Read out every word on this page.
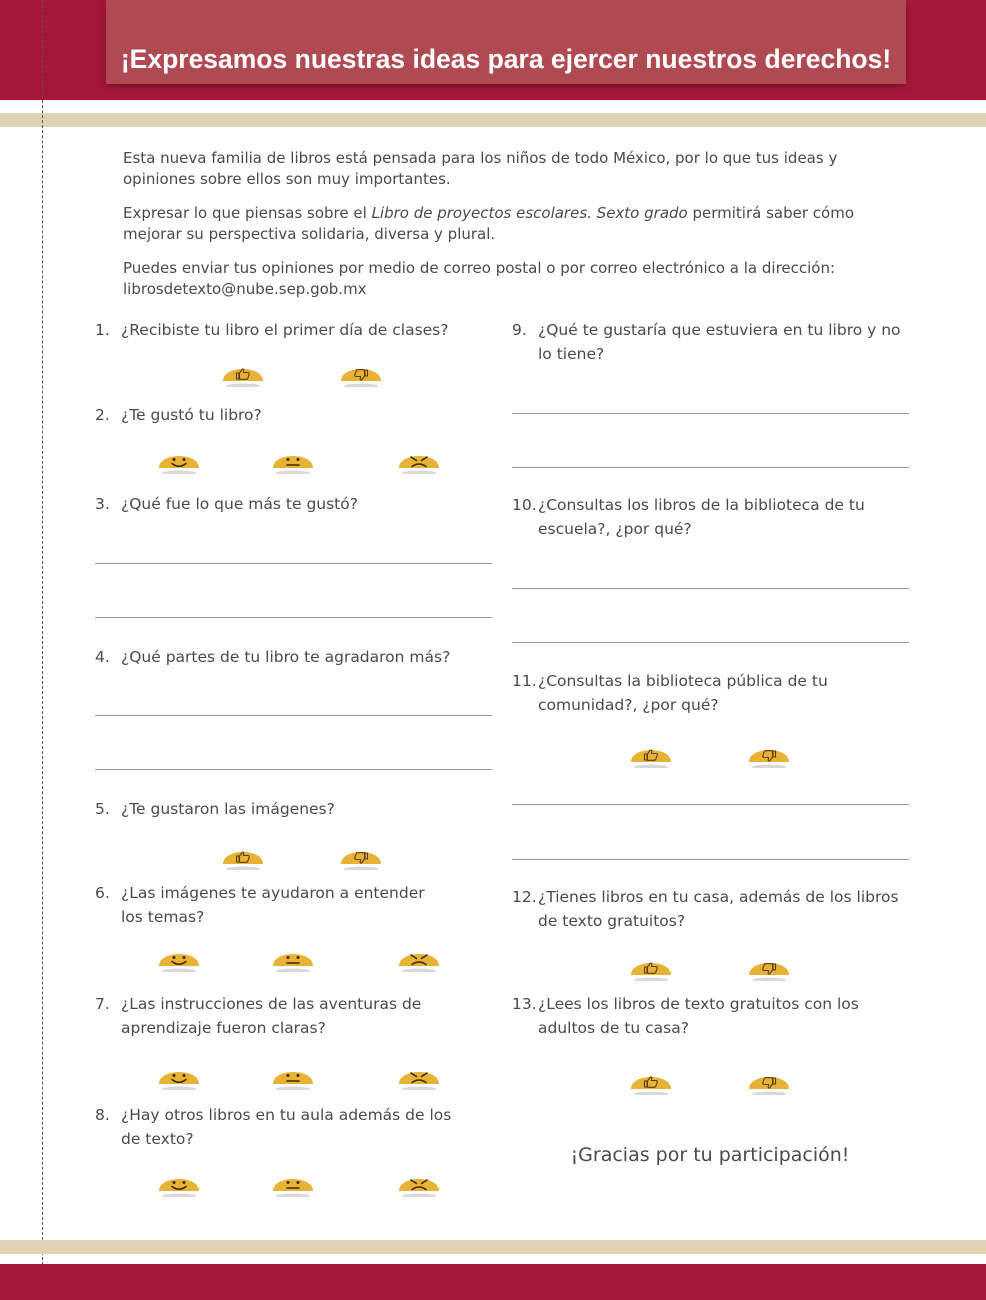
¡Expresamos nuestras ideas para ejercer nuestros derechos!

Esta nueva familia de libros está pensada para los niños de todo México, por lo que tus ideas y opiniones sobre ellos son muy importantes.

Expresar lo que piensas sobre el Libro de proyectos escolares. Sexto grado permitirá saber cómo mejorar su perspectiva solidaria, diversa y plural.

Puedes enviar tus opiniones por medio de correo postal o por correo electrónico a la dirección: librosdetexto@nube.sep.gob.mx

1. ¿Recibiste tu libro el primer día de clases?
2. ¿Te gustó tu libro?
3. ¿Qué fue lo que más te gustó?
4. ¿Qué partes de tu libro te agradaron más?
5. ¿Te gustaron las imágenes?
6. ¿Las imágenes te ayudaron a entender los temas?
7. ¿Las instrucciones de las aventuras de aprendizaje fueron claras?
8. ¿Hay otros libros en tu aula además de los de texto?
9. ¿Qué te gustaría que estuviera en tu libro y no lo tiene?
10. ¿Consultas los libros de la biblioteca de tu escuela?, ¿por qué?
11. ¿Consultas la biblioteca pública de tu comunidad?, ¿por qué?
12. ¿Tienes libros en tu casa, además de los libros de texto gratuitos?
13. ¿Lees los libros de texto gratuitos con los adultos de tu casa?
¡Gracias por tu participación!
